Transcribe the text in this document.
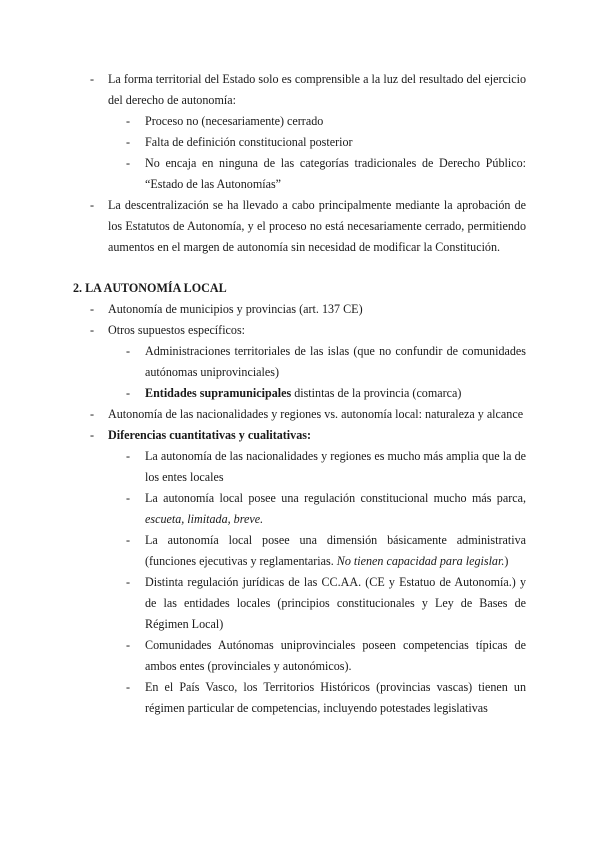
- La forma territorial del Estado solo es comprensible a la luz del resultado del ejercicio del derecho de autonomía:
- Proceso no (necesariamente) cerrado
- Falta de definición constitucional posterior
- No encaja en ninguna de las categorías tradicionales de Derecho Público: “Estado de las Autonomías”
- La descentralización se ha llevado a cabo principalmente mediante la aprobación de los Estatutos de Autonomía, y el proceso no está necesariamente cerrado, permitiendo aumentos en el margen de autonomía sin necesidad de modificar la Constitución.
2. LA AUTONOMÍA LOCAL
- Autonomía de municipios y provincias (art. 137 CE)
- Otros supuestos específicos:
- Administraciones territoriales de las islas (que no confundir de comunidades autónomas uniprovinciales)
- Entidades supramunicipales distintas de la provincia (comarca)
- Autonomía de las nacionalidades y regiones vs. autonomía local: naturaleza y alcance
- Diferencias cuantitativas y cualitativas:
- La autonomía de las nacionalidades y regiones es mucho más amplia que la de los entes locales
- La autonomía local posee una regulación constitucional mucho más parca, escueta, limitada, breve.
- La autonomía local posee una dimensión básicamente administrativa (funciones ejecutivas y reglamentarias. No tienen capacidad para legislar.)
- Distinta regulación jurídicas de las CC.AA. (CE y Estatuo de Autonomía.) y de las entidades locales (principios constitucionales y Ley de Bases de Régimen Local)
- Comunidades Autónomas uniprovinciales poseen competencias típicas de ambos entes (provinciales y autonómicos).
- En el País Vasco, los Territorios Históricos (provincias vascas) tienen un régimen particular de competencias, incluyendo potestades legislativas
